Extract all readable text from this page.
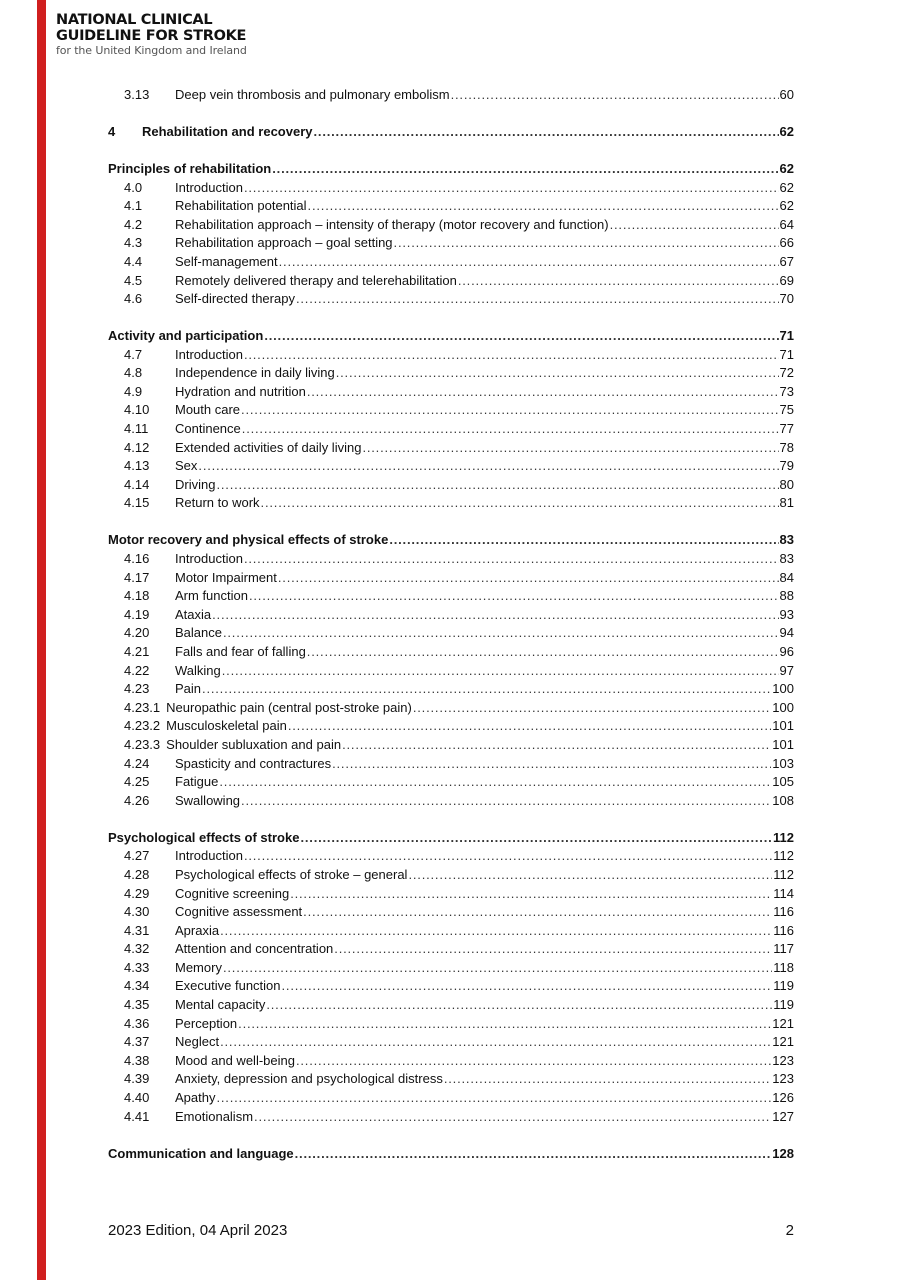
NATIONAL CLINICAL
GUIDELINE FOR STROKE
for the United Kingdom and Ireland
3.13	Deep vein thrombosis and pulmonary embolism .....	60
4	Rehabilitation and recovery .....	62
Principles of rehabilitation .....	62
4.0	Introduction .....	62
4.1	Rehabilitation potential .....	62
4.2	Rehabilitation approach – intensity of therapy (motor recovery and function) .....	64
4.3	Rehabilitation approach – goal setting .....	66
4.4	Self-management .....	67
4.5	Remotely delivered therapy and telerehabilitation .....	69
4.6	Self-directed therapy .....	70
Activity and participation .....	71
4.7	Introduction .....	71
4.8	Independence in daily living .....	72
4.9	Hydration and nutrition .....	73
4.10	Mouth care .....	75
4.11	Continence .....	77
4.12	Extended activities of daily living .....	78
4.13	Sex .....	79
4.14	Driving .....	80
4.15	Return to work .....	81
Motor recovery and physical effects of stroke .....	83
4.16	Introduction .....	83
4.17	Motor Impairment .....	84
4.18	Arm function .....	88
4.19	Ataxia .....	93
4.20	Balance .....	94
4.21	Falls and fear of falling .....	96
4.22	Walking .....	97
4.23	Pain .....	100
4.23.1 Neuropathic pain (central post-stroke pain) .....	100
4.23.2 Musculoskeletal pain .....	101
4.23.3 Shoulder subluxation and pain .....	101
4.24	Spasticity and contractures .....	103
4.25	Fatigue .....	105
4.26	Swallowing .....	108
Psychological effects of stroke .....	112
4.27	Introduction .....	112
4.28	Psychological effects of stroke – general .....	112
4.29	Cognitive screening .....	114
4.30	Cognitive assessment .....	116
4.31	Apraxia .....	116
4.32	Attention and concentration .....	117
4.33	Memory .....	118
4.34	Executive function .....	119
4.35	Mental capacity .....	119
4.36	Perception .....	121
4.37	Neglect .....	121
4.38	Mood and well-being .....	123
4.39	Anxiety, depression and psychological distress .....	123
4.40	Apathy .....	126
4.41	Emotionalism .....	127
Communication and language .....	128
2023 Edition, 04 April 2023	2
